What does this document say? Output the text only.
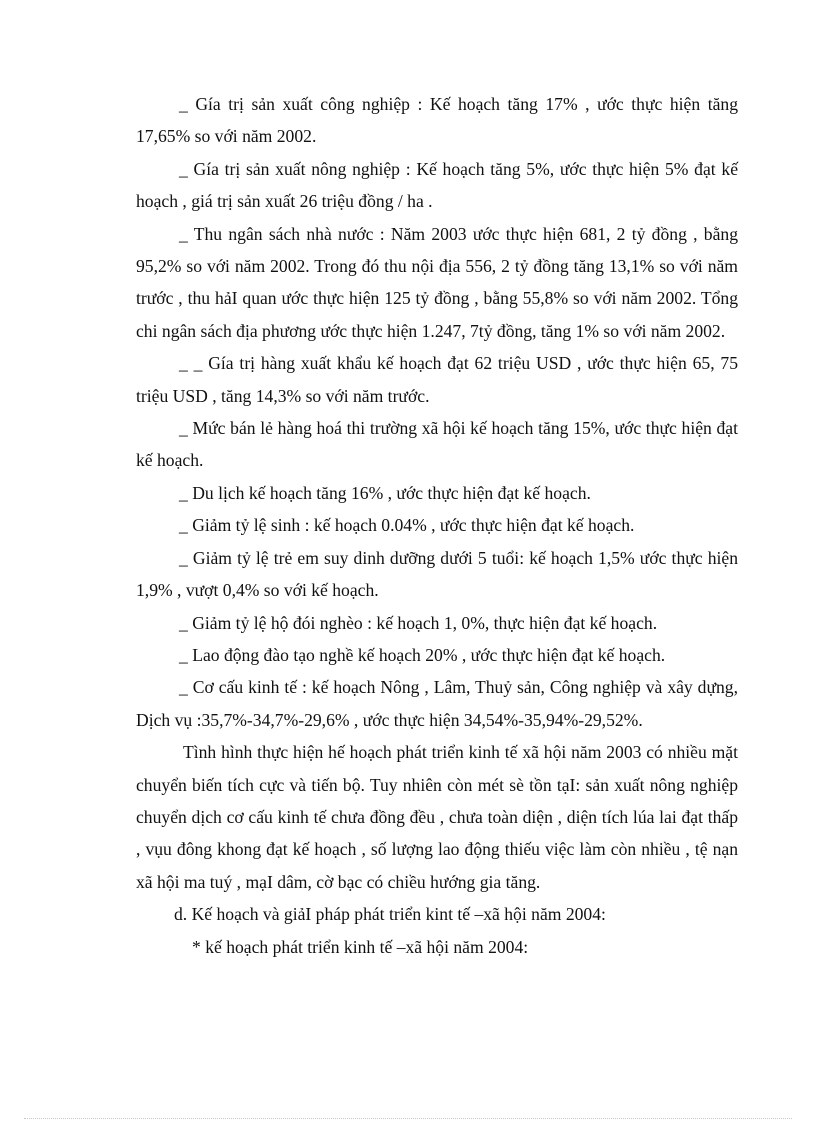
_ Gía trị sản xuất công nghiệp : Kế hoạch tăng 17% , ước thực hiện tăng 17,65% so với năm 2002.

_ Gía trị sản xuất nông nghiệp : Kế hoạch tăng 5%, ước thực hiện 5% đạt kế hoạch , giá trị sản xuất 26 triệu đồng / ha .

_ Thu ngân sách nhà nước : Năm 2003 ước thực hiện 681, 2 tỷ đồng , bằng 95,2% so với năm 2002. Trong đó thu nội địa 556, 2 tỷ đồng tăng 13,1% so với năm trước , thu hảI quan ước thực hiện 125 tỷ đồng , bằng 55,8% so với năm 2002. Tổng chi ngân sách địa phương ước thực hiện 1.247, 7tỷ đồng, tăng 1% so với năm 2002.

_ _ Gía trị hàng xuất khẩu kế hoạch đạt 62 triệu USD , ước thực hiện 65, 75 triệu USD , tăng 14,3% so với năm trước.

_ Mức bán lẻ hàng hoá thi trường xã hội kế hoạch tăng 15%, ước thực hiện đạt kế hoạch.

_ Du lịch kế hoạch tăng 16% , ước thực hiện đạt kế hoạch.

_ Giảm tỷ lệ sinh : kế hoạch 0.04% , ước thực hiện đạt kế hoạch.

_ Giảm tỷ lệ trẻ em suy dinh dưỡng dưới 5 tuổi: kế hoạch 1,5% ước thực hiện 1,9% , vượt 0,4% so với kế hoạch.

_ Giảm tỷ lệ hộ đói nghèo : kế hoạch 1, 0%, thực hiện đạt kế hoạch.

_ Lao động đào tạo nghề kế hoạch 20% , ước thực hiện đạt kế hoạch.

_ Cơ cấu kinh tế : kế hoạch Nông , Lâm, Thuỷ sản, Công nghiệp và xây dựng, Dịch vụ :35,7%-34,7%-29,6% , ước thực hiện 34,54%-35,94%-29,52%.

Tình hình thực hiện hế hoạch phát triển kinh tế xã hội năm 2003 có nhiều mặt chuyển biến tích cực và tiến bộ. Tuy nhiên còn mét sè tồn tạI: sản xuất nông nghiệp chuyển dịch cơ cấu kinh tế chưa đồng đều , chưa toàn diện , diện tích lúa lai đạt thấp , vụu đông khong đạt kế hoạch , số lượng lao động thiếu việc làm còn nhiều , tệ nạn xã hội ma tuý , mạI dâm, cờ bạc có chiều hướng gia tăng.

d. Kế hoạch và giảI pháp phát triển kint tế –xã hội năm 2004:

* kế hoạch phát triển kinh tế –xã hội năm 2004:
